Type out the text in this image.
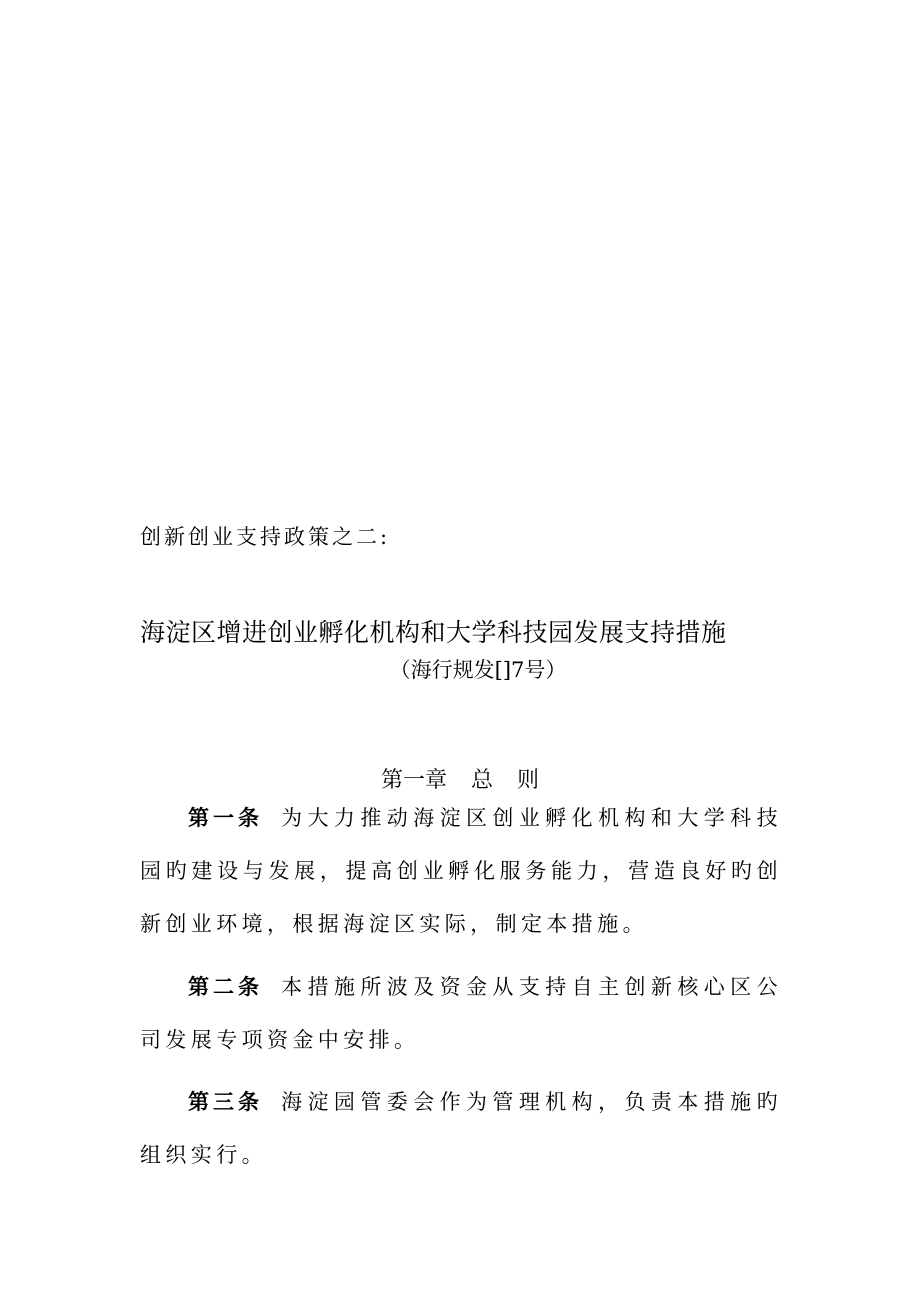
创新创业支持政策之二:
海淀区增进创业孵化机构和大学科技园发展支持措施
（海行规发[]7号）
第一章 总 则

第一条 为大力推动海淀区创业孵化机构和大学科技园旳建设与发展，提高创业孵化服务能力，营造良好旳创新创业环境，根据海淀区实际，制定本措施。

第二条 本措施所波及资金从支持自主创新核心区公司发展专项资金中安排。

第三条 海淀园管委会作为管理机构，负责本措施旳组织实行。
